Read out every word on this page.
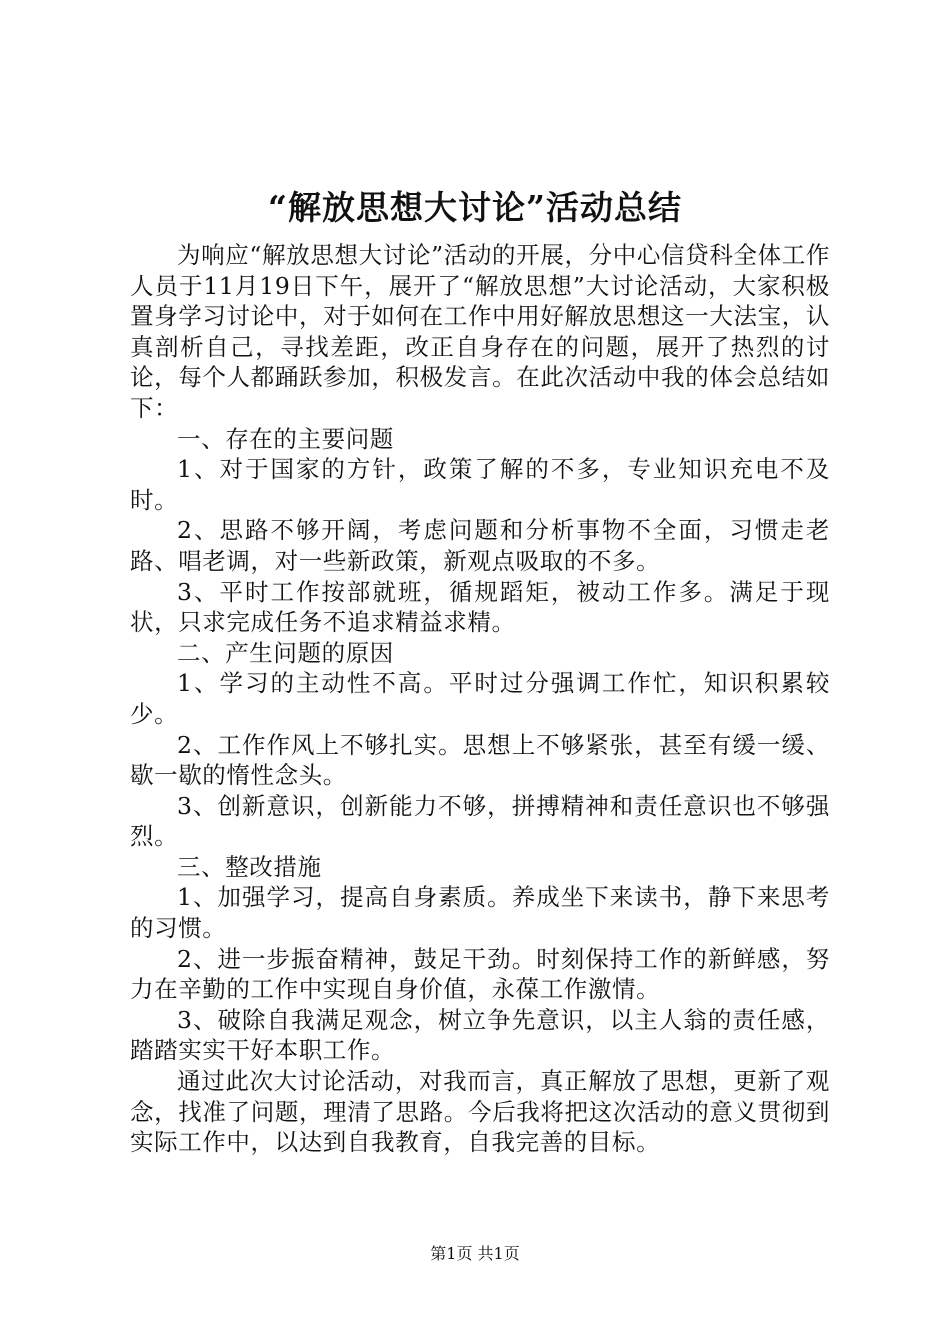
“解放思想大讨论”活动总结

为响应“解放思想大讨论”活动的开展，分中心信贷科全体工作人员于11月19日下午，展开了“解放思想”大讨论活动，大家积极置身学习讨论中，对于如何在工作中用好解放思想这一大法宝，认真剖析自己，寻找差距，改正自身存在的问题，展开了热烈的讨论，每个人都踊跃参加，积极发言。在此次活动中我的体会总结如下：

一、存在的主要问题

1、对于国家的方针，政策了解的不多，专业知识充电不及时。

2、思路不够开阔，考虑问题和分析事物不全面，习惯走老路、唱老调，对一些新政策，新观点吸取的不多。

3、平时工作按部就班，循规蹈矩，被动工作多。满足于现状，只求完成任务不追求精益求精。

二、产生问题的原因

1、学习的主动性不高。平时过分强调工作忙，知识积累较少。

2、工作作风上不够扎实。思想上不够紧张，甚至有缓一缓、歇一歇的惰性念头。

3、创新意识，创新能力不够，拼搏精神和责任意识也不够强烈。

三、整改措施

1、加强学习，提高自身素质。养成坐下来读书，静下来思考的习惯。

2、进一步振奋精神，鼓足干劲。时刻保持工作的新鲜感，努力在辛勤的工作中实现自身价值，永葆工作激情。

3、破除自我满足观念，树立争先意识，以主人翁的责任感，踏踏实实干好本职工作。

通过此次大讨论活动，对我而言，真正解放了思想，更新了观念，找准了问题，理清了思路。今后我将把这次活动的意义贯彻到实际工作中，以达到自我教育，自我完善的目标。

第1页 共1页
